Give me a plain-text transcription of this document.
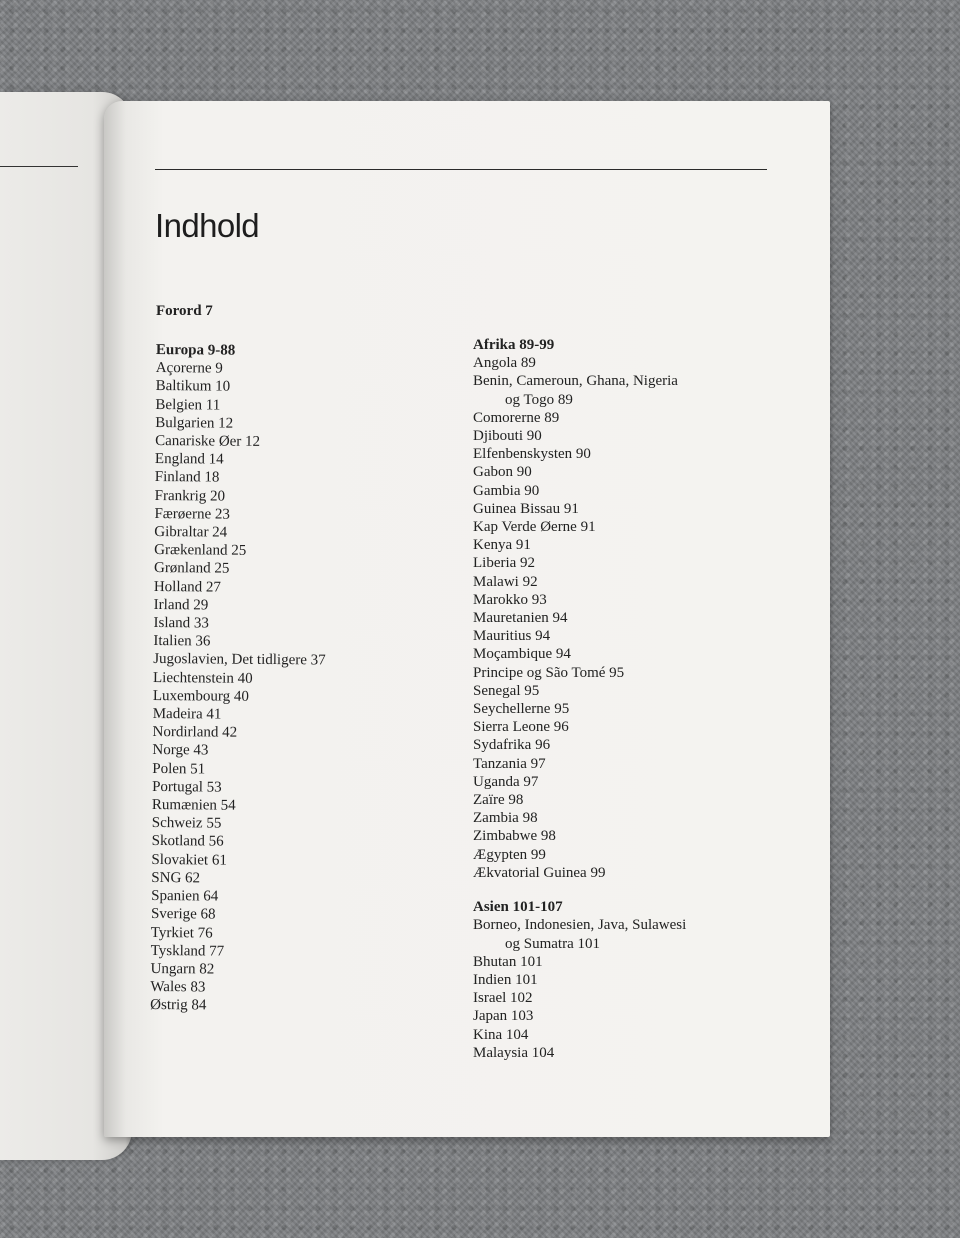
Indhold
Forord 7
Europa 9-88
Açorerne 9
Baltikum 10
Belgien 11
Bulgarien 12
Canariske Øer 12
England 14
Finland 18
Frankrig 20
Færøerne 23
Gibraltar 24
Grækenland 25
Grønland 25
Holland 27
Irland 29
Island 33
Italien 36
Jugoslavien, Det tidligere 37
Liechtenstein 40
Luxembourg 40
Madeira 41
Nordirland 42
Norge 43
Polen 51
Portugal 53
Rumænien 54
Schweiz 55
Skotland 56
Slovakiet 61
SNG 62
Spanien 64
Sverige 68
Tyrkiet 76
Tyskland 77
Ungarn 82
Wales 83
Østrig 84
Afrika 89-99
Angola 89
Benin, Cameroun, Ghana, Nigeria
og Togo 89
Comorerne 89
Djibouti 90
Elfenbenskysten 90
Gabon 90
Gambia 90
Guinea Bissau 91
Kap Verde Øerne 91
Kenya 91
Liberia 92
Malawi 92
Marokko 93
Mauretanien 94
Mauritius 94
Moçambique 94
Principe og São Tomé 95
Senegal 95
Seychellerne 95
Sierra Leone 96
Sydafrika 96
Tanzania 97
Uganda 97
Zaïre 98
Zambia 98
Zimbabwe 98
Ægypten 99
Ækvatorial Guinea 99
Asien 101-107
Borneo, Indonesien, Java, Sulawesi
og Sumatra 101
Bhutan 101
Indien 101
Israel 102
Japan 103
Kina 104
Malaysia 104
